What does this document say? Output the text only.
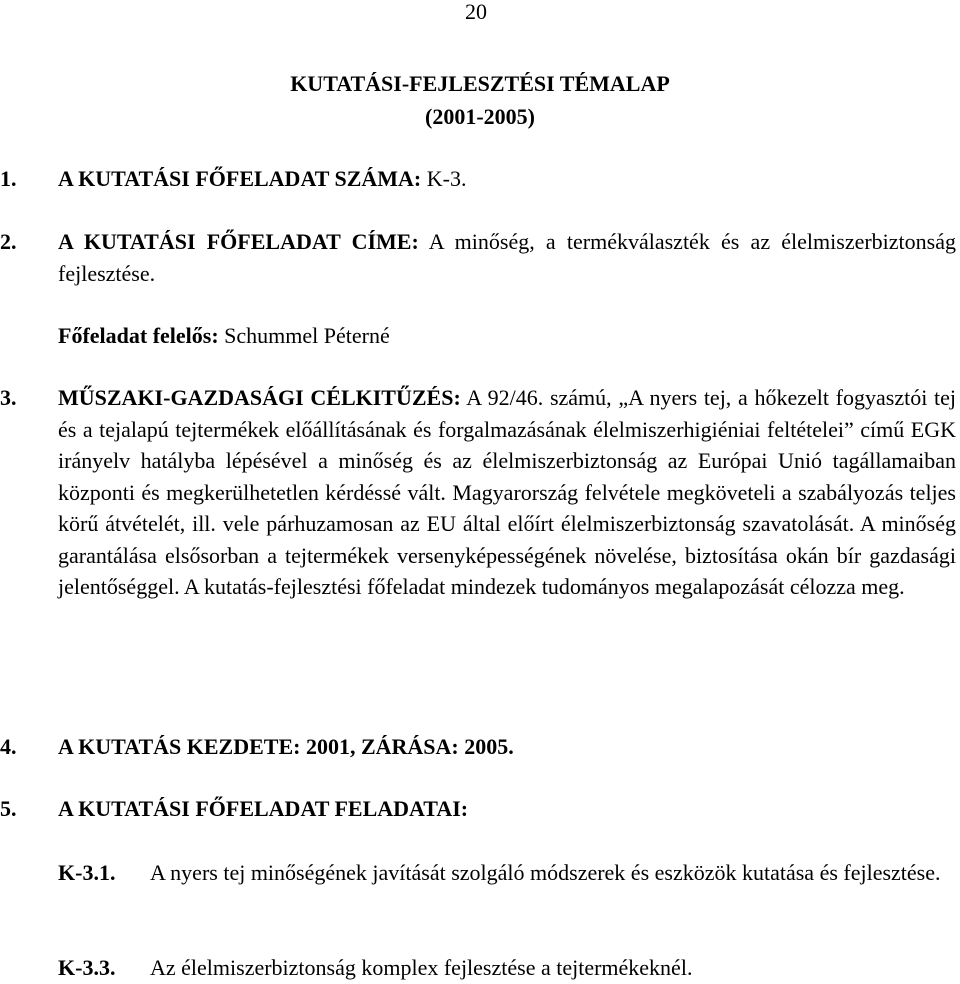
20
KUTATÁSI-FEJLESZTÉSI TÉMALAP
(2001-2005)
1. A KUTATÁSI FŐFELADAT SZÁMA: K-3.
2. A KUTATÁSI FŐFELADAT CÍME: A minőség, a termékválaszték és az élelmiszerbiztonság fejlesztése.
Főfeladat felelős: Schummel Péterné
3. MŰSZAKI-GAZDASÁGI CÉLKITŰZÉS: A 92/46. számú, „A nyers tej, a hőkezelt fogyasztói tej és a tejalapú tejtermékek előállításának és forgalmazásának élelmiszerhigiéniai feltételei” című EGK irányelv hatályba lépésével a minőség és az élelmiszerbiztonság az Európai Unió tagállamaiban központi és megkerülhetetlen kérdéssé vált. Magyarország felvétele megköveteli a szabályozás teljes körű átvételét, ill. vele párhuzamosan az EU által előírt élelmiszerbiztonság szavatolását. A minőség garantálása elsősorban a tejtermékek versenyképességének növelése, biztosítása okán bír gazdasági jelentőséggel. A kutatás-fejlesztési főfeladat mindezek tudományos megalapozását célozza meg.
4. A KUTATÁS KEZDETE: 2001, ZÁRÁSA: 2005.
5. A KUTATÁSI FŐFELADAT FELADATAI:
K-3.1. A nyers tej minőségének javítását szolgáló módszerek és eszközök kutatása és fejlesztése.
K-3.3. Az élelmiszerbiztonság komplex fejlesztése a tejtermékeknél.
